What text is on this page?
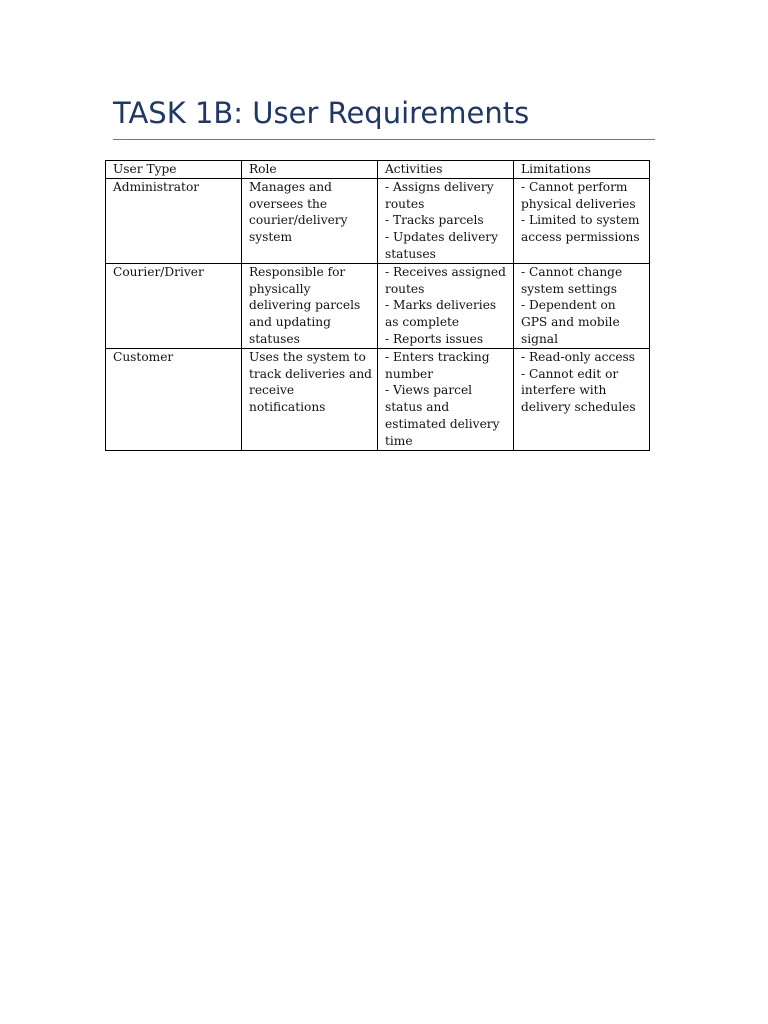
TASK 1B: User Requirements
User Type	Role	Activities	Limitations
Administrator	Manages and oversees the courier/delivery system	- Assigns delivery routes
- Tracks parcels
- Updates delivery statuses	- Cannot perform physical deliveries
- Limited to system access permissions

Courier/Driver	Responsible for physically delivering parcels and updating statuses	- Receives assigned routes
- Marks deliveries as complete
- Reports issues	- Cannot change system settings
- Dependent on GPS and mobile signal

Customer	Uses the system to track deliveries and receive notifications	- Enters tracking number
- Views parcel status and estimated delivery time	- Read-only access
- Cannot edit or interfere with delivery schedules
